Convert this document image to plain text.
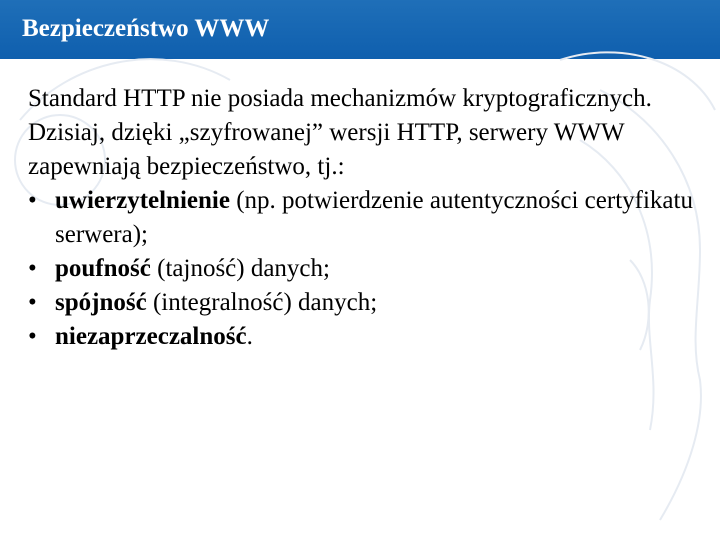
Bezpieczeństwo WWW

Standard HTTP nie posiada mechanizmów kryptograficznych.

Dzisiaj, dzięki „szyfrowanej” wersji HTTP, serwery WWW zapewniają bezpieczeństwo, tj.:

• uwierzytelnienie (np. potwierdzenie autentyczności certyfikatu serwera);
• poufność (tajność) danych;
• spójność (integralność) danych;
• niezaprzeczalność.
